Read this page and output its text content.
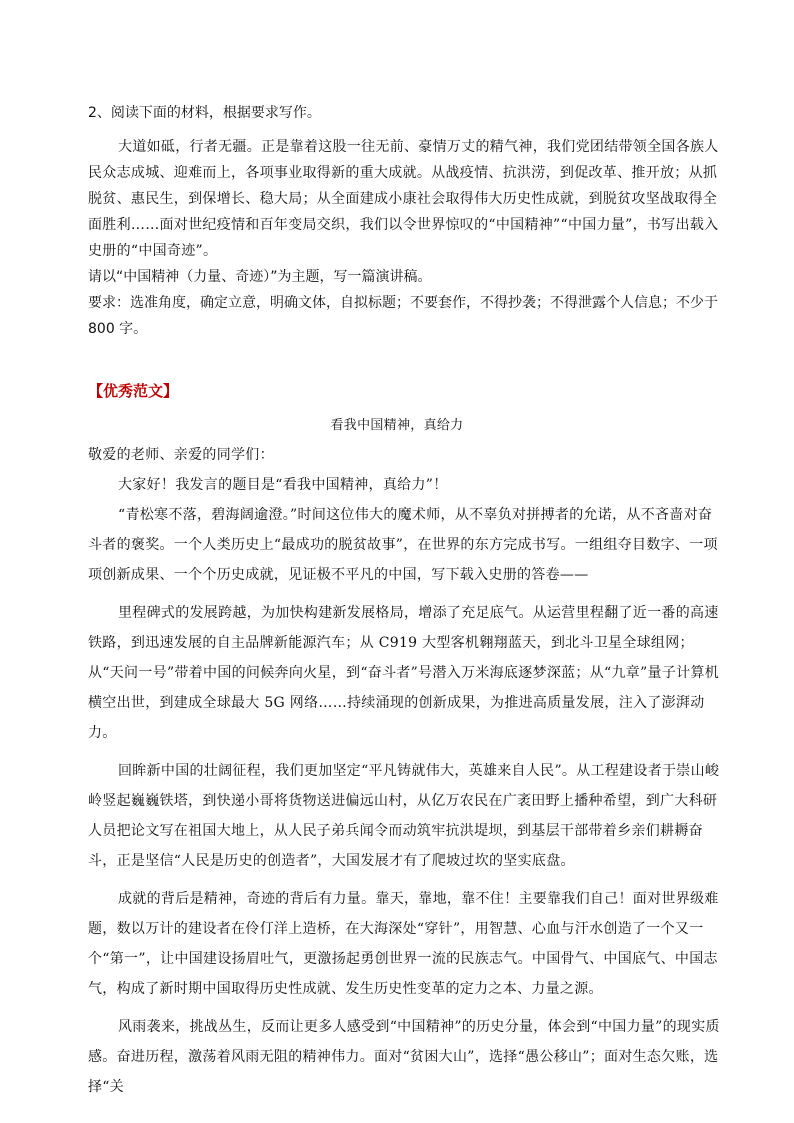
2、阅读下面的材料，根据要求写作。

大道如砥，行者无疆。正是靠着这股一往无前、豪情万丈的精气神，我们党团结带领全国各族人民众志成城、迎难而上，各项事业取得新的重大成就。从战疫情、抗洪涝，到促改革、推开放；从抓脱贫、惠民生，到保增长、稳大局；从全面建成小康社会取得伟大历史性成就，到脱贫攻坚战取得全面胜利……面对世纪疫情和百年变局交织，我们以令世界惊叹的“中国精神”“中国力量”，书写出载入史册的“中国奇迹”。

请以“中国精神（力量、奇迹）”为主题，写一篇演讲稿。

要求：选准角度，确定立意，明确文体，自拟标题；不要套作，不得抄袭；不得泄露个人信息；不少于 800 字。

【优秀范文】
看我中国精神，真给力

敬爱的老师、亲爱的同学们：

大家好！我发言的题目是“看我中国精神，真给力”！

“青松寒不落，碧海阔逾澄。”时间这位伟大的魔术师，从不辜负对拼搏者的允诺，从不吝啬对奋斗者的褒奖。一个人类历史上“最成功的脱贫故事”，在世界的东方完成书写。一组组夺目数字、一项项创新成果、一个个历史成就，见证极不平凡的中国，写下载入史册的答卷——

里程碑式的发展跨越，为加快构建新发展格局，增添了充足底气。从运营里程翻了近一番的高速铁路，到迅速发展的自主品牌新能源汽车；从 C919 大型客机翱翔蓝天，到北斗卫星全球组网；从“天问一号”带着中国的问候奔向火星，到“奋斗者”号潜入万米海底逐梦深蓝；从“九章”量子计算机横空出世，到建成全球最大 5G 网络……持续涌现的创新成果，为推进高质量发展，注入了澎湃动力。

回眸新中国的壮阔征程，我们更加坚定“平凡铸就伟大，英雄来自人民”。从工程建设者于崇山峻岭竖起巍巍铁塔，到快递小哥将货物送进偏远山村，从亿万农民在广袤田野上播种希望，到广大科研人员把论文写在祖国大地上，从人民子弟兵闻令而动筑牢抗洪堤坝，到基层干部带着乡亲们耕耨奋斗，正是坚信“人民是历史的创造者”，大国发展才有了爬坡过坎的坚实底盘。

成就的背后是精神，奇迹的背后有力量。靠天，靠地，靠不住！主要靠我们自己！面对世界级难题，数以万计的建设者在伶仃洋上造桥，在大海深处“穿针”，用智慧、心血与汗水创造了一个又一个“第一”，让中国建设扬眉吐气，更激扬起勇创世界一流的民族志气。中国骨气、中国底气、中国志气，构成了新时期中国取得历史性成就、发生历史性变革的定力之本、力量之源。

风雨袭来，挑战丛生，反而让更多人感受到“中国精神”的历史分量，体会到“中国力量”的现实质感。奋进历程，激荡着风雨无阻的精神伟力。面对“贫困大山”，选择“愚公移山”；面对生态欠账，选择“关
